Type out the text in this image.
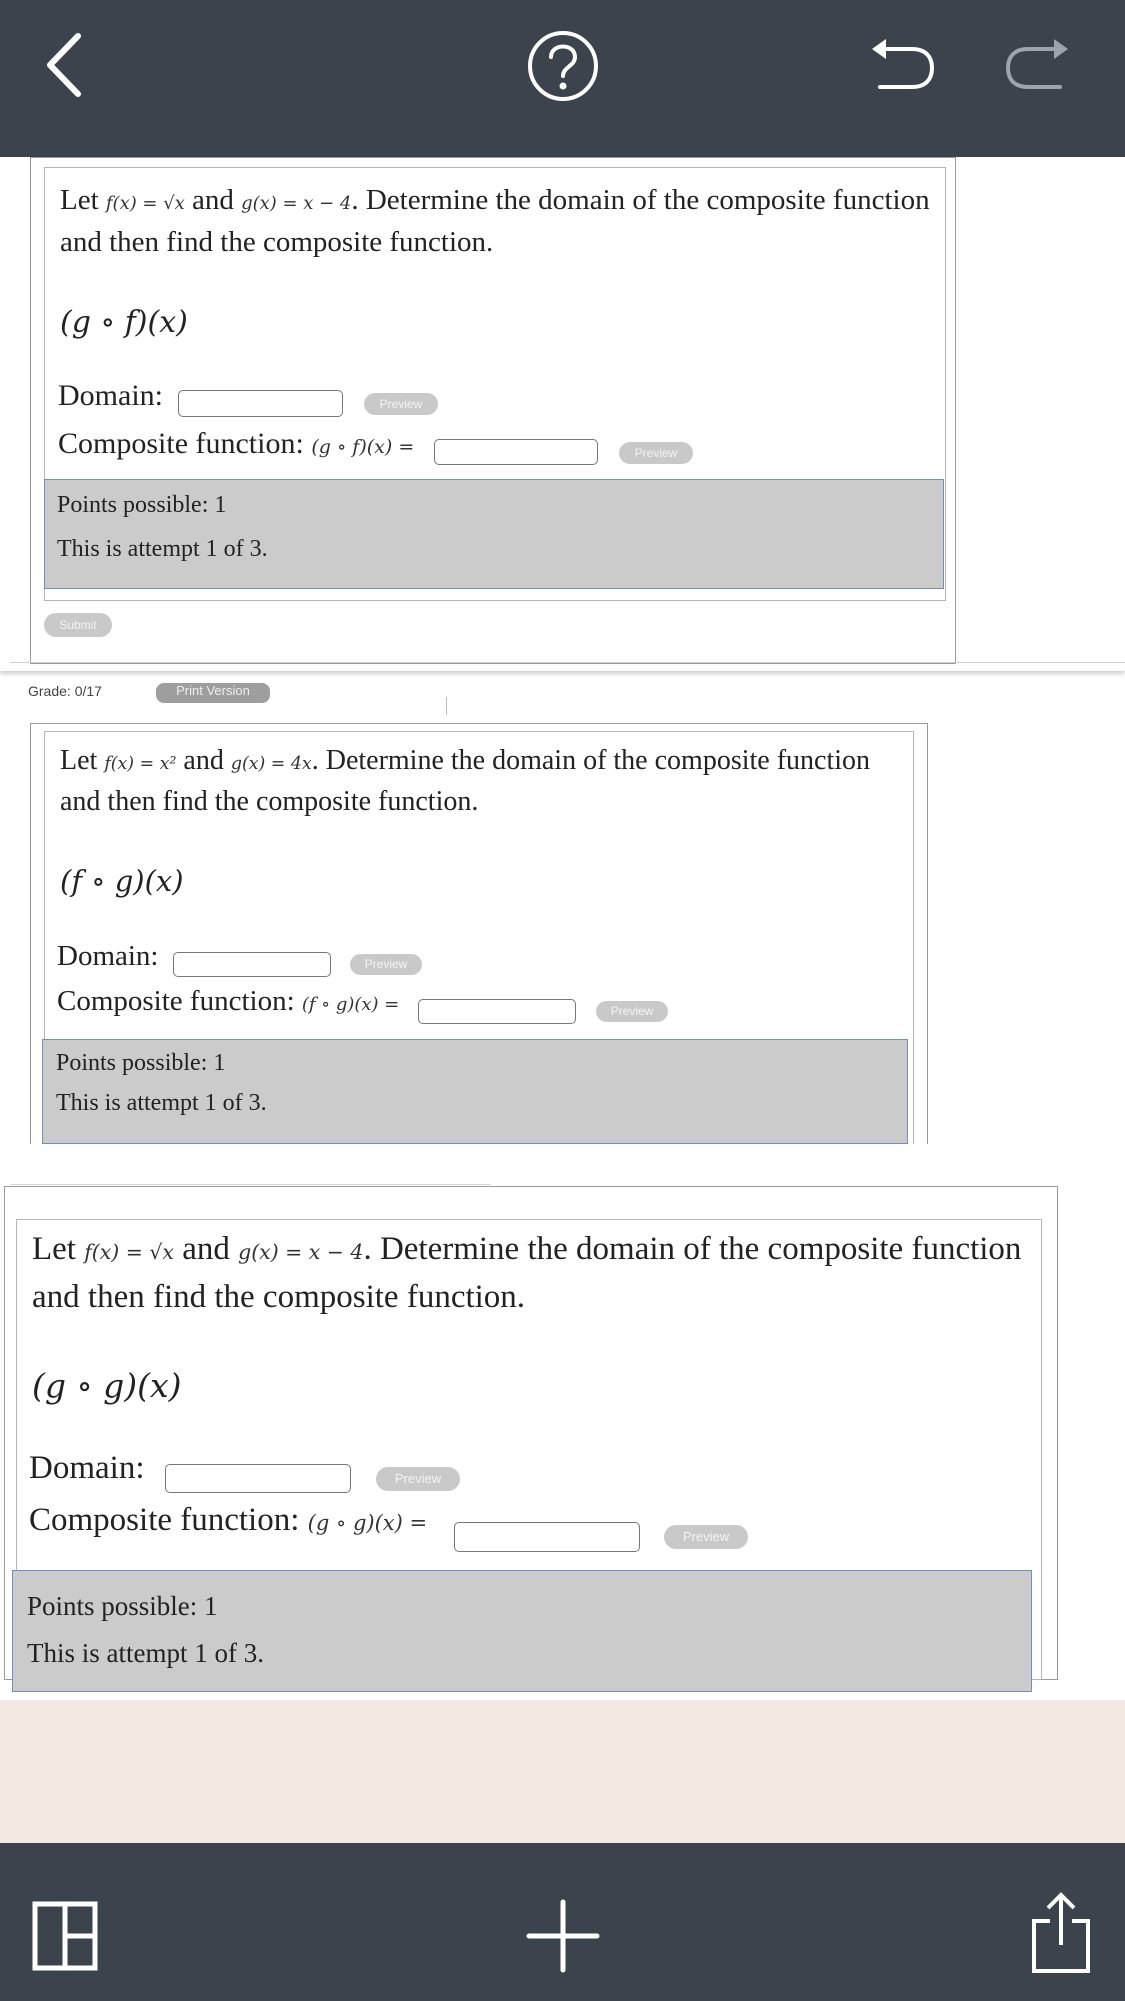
Let f(x) = √x and g(x) = x − 4. Determine the domain of the composite function and then find the composite function.
(g ∘ f)(x)
Domain:	Preview
Composite function: (g ∘ f)(x) =	Preview
Points possible: 1
This is attempt 1 of 3.
Submit
Grade: 0/17	Print Version
Let f(x) = x² and g(x) = 4x. Determine the domain of the composite function and then find the composite function.
(f ∘ g)(x)
Domain:	Preview
Composite function: (f ∘ g)(x) =	Preview
Points possible: 1
This is attempt 1 of 3.
Let f(x) = √x and g(x) = x − 4. Determine the domain of the composite function and then find the composite function.
(g ∘ g)(x)
Domain:	Preview
Composite function: (g ∘ g)(x) =
Preview
Points possible: 1
This is attempt 1 of 3.
